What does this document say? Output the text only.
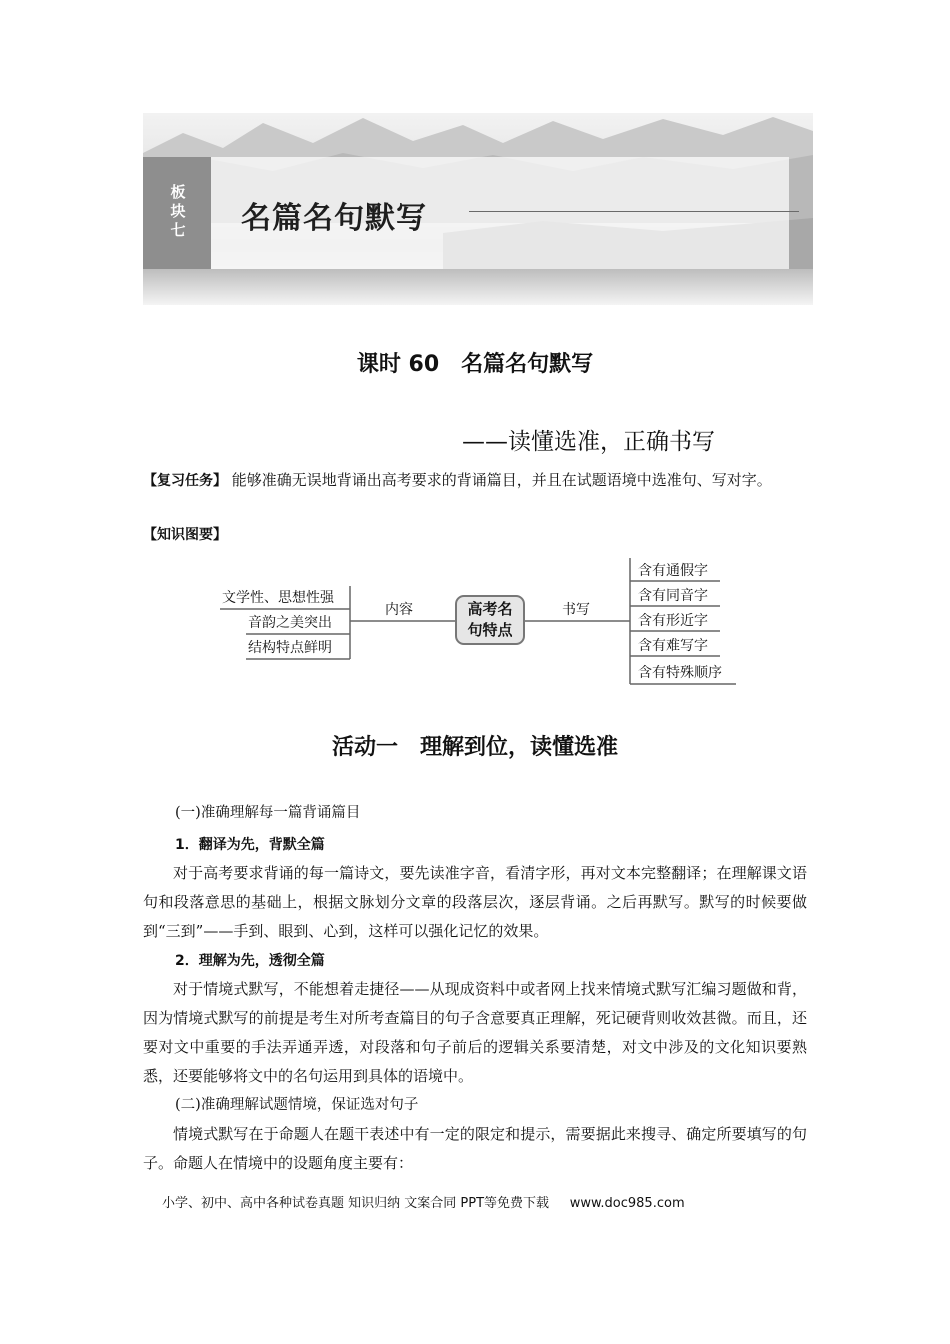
板
块
七 名篇名句默写
课时 60　名篇名句默写

——读懂选准，正确书写

【复习任务】 能够准确无误地背诵出高考要求的背诵篇目，并且在试题语境中选准句、写对字。

【知识图要】

文学性、思想性强
音韵之美突出
结构特点鲜明
内容	书写
高考名
句特点
含有通假字
含有同音字
含有形近字
含有难写字
含有特殊顺序
活动一　理解到位，读懂选准

(一)准确理解每一篇背诵篇目

1．翻译为先，背默全篇

对于高考要求背诵的每一篇诗文，要先读准字音，看清字形，再对文本完整翻译；在理解课文语句和段落意思的基础上，根据文脉划分文章的段落层次，逐层背诵。之后再默写。默写的时候要做到“三到”——手到、眼到、心到，这样可以强化记忆的效果。

2．理解为先，透彻全篇

对于情境式默写，不能想着走捷径——从现成资料中或者网上找来情境式默写汇编习题做和背，因为情境式默写的前提是考生对所考查篇目的句子含意要真正理解，死记硬背则收效甚微。而且，还要对文中重要的手法弄通弄透，对段落和句子前后的逻辑关系要清楚，对文中涉及的文化知识要熟悉，还要能够将文中的名句运用到具体的语境中。

(二)准确理解试题情境，保证选对句子

情境式默写在于命题人在题干表述中有一定的限定和提示，需要据此来搜寻、确定所要填写的句子。命题人在情境中的设题角度主要有：

小学、初中、高中各种试卷真题 知识归纳 文案合同 PPT等免费下载 www.doc985.com
